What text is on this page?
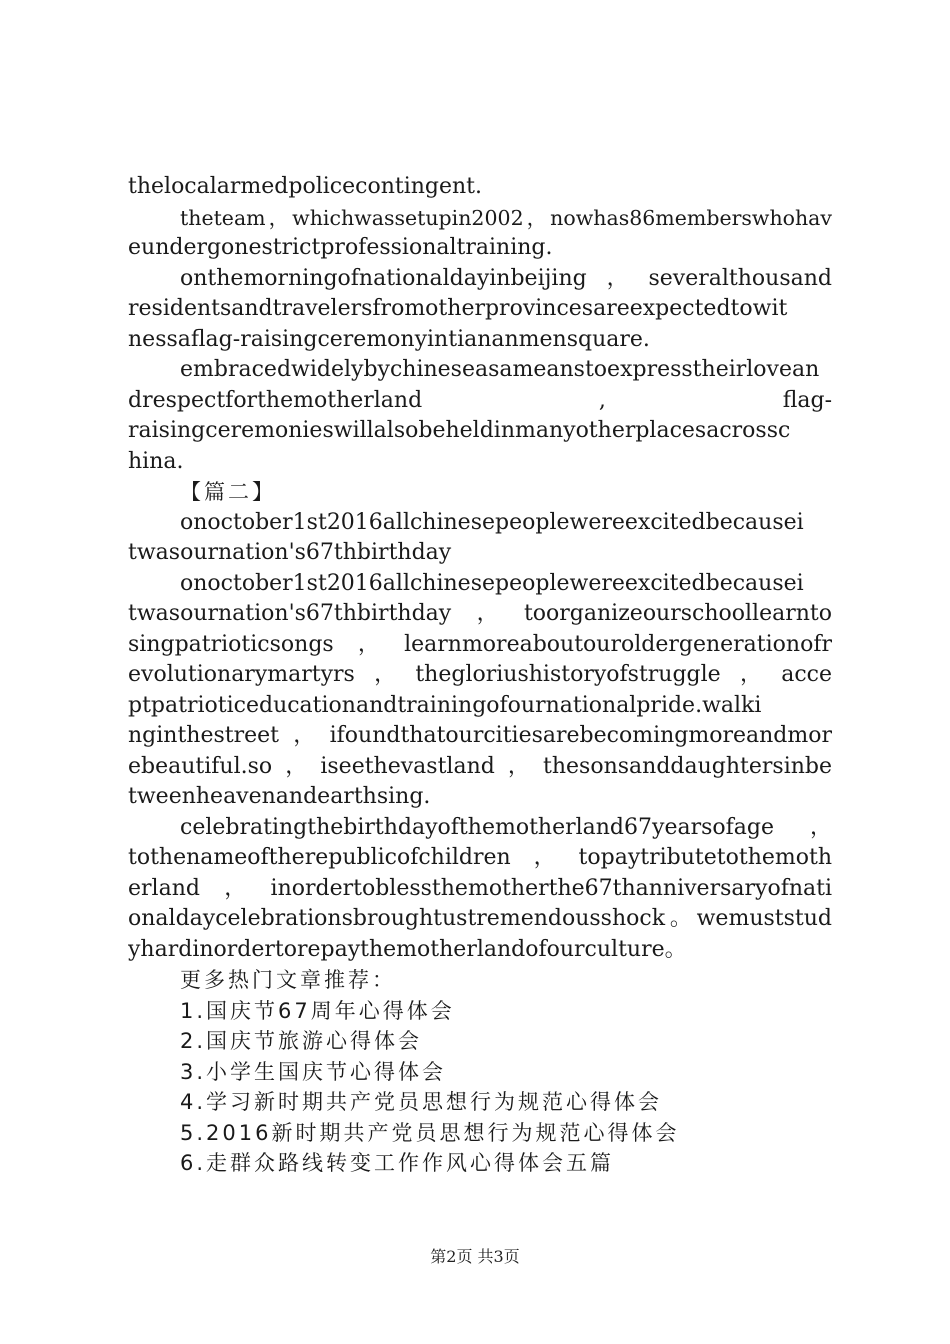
thelocalarmedpolicecontingent.
theteam，whichwassetupin2002，nowhas86memberswhohav
eundergonestrictprofessionaltraining.
onthemorningofnationaldayinbeijing，severalthousand
residentsandtravelersfromotherprovincesareexpectedtowit
nessaflag-raisingceremonyintiananmensquare.
embracedwidelybychineseasameanstoexpresstheirlovean
drespectforthemotherland , flag-
raisingceremonieswillalsobeheldinmanyotherplacesacrossc
hina.
【篇二】
onoctober1st2016allchinesepeoplewereexcitedbecausei
twasournation's67thbirthday
onoctober1st2016allchinesepeoplewereexcitedbecausei
twasournation's67thbirthday，toorganizeourschoollearnto
singpatrioticsongs，learnmoreaboutouroldergenerationofr
evolutionarymartyrs，thegloriushistoryofstruggle，acce
ptpatrioticeducationandtrainingofournationalpride.walki
nginthestreet，ifoundthatourcitiesarebecomingmoreandmor
ebeautiful.so，iseethevastland，thesonsanddaughtersinbe
tweenheavenandearthsing.
celebratingthebirthdayofthemotherland67yearsofage，
tothenameoftherepublicofchildren，topaytributetothemoth
erland，inordertoblessthemotherthe67thanniversaryofnati
onaldaycelebrationsbroughtustremendousshock。wemuststud
yhardinordertorepaythemotherlandofourculture。
更多热门文章推荐：
1.国庆节67周年心得体会
2.国庆节旅游心得体会
3.小学生国庆节心得体会
4.学习新时期共产党员思想行为规范心得体会
5.2016新时期共产党员思想行为规范心得体会
6.走群众路线转变工作作风心得体会五篇
第2页 共3页
